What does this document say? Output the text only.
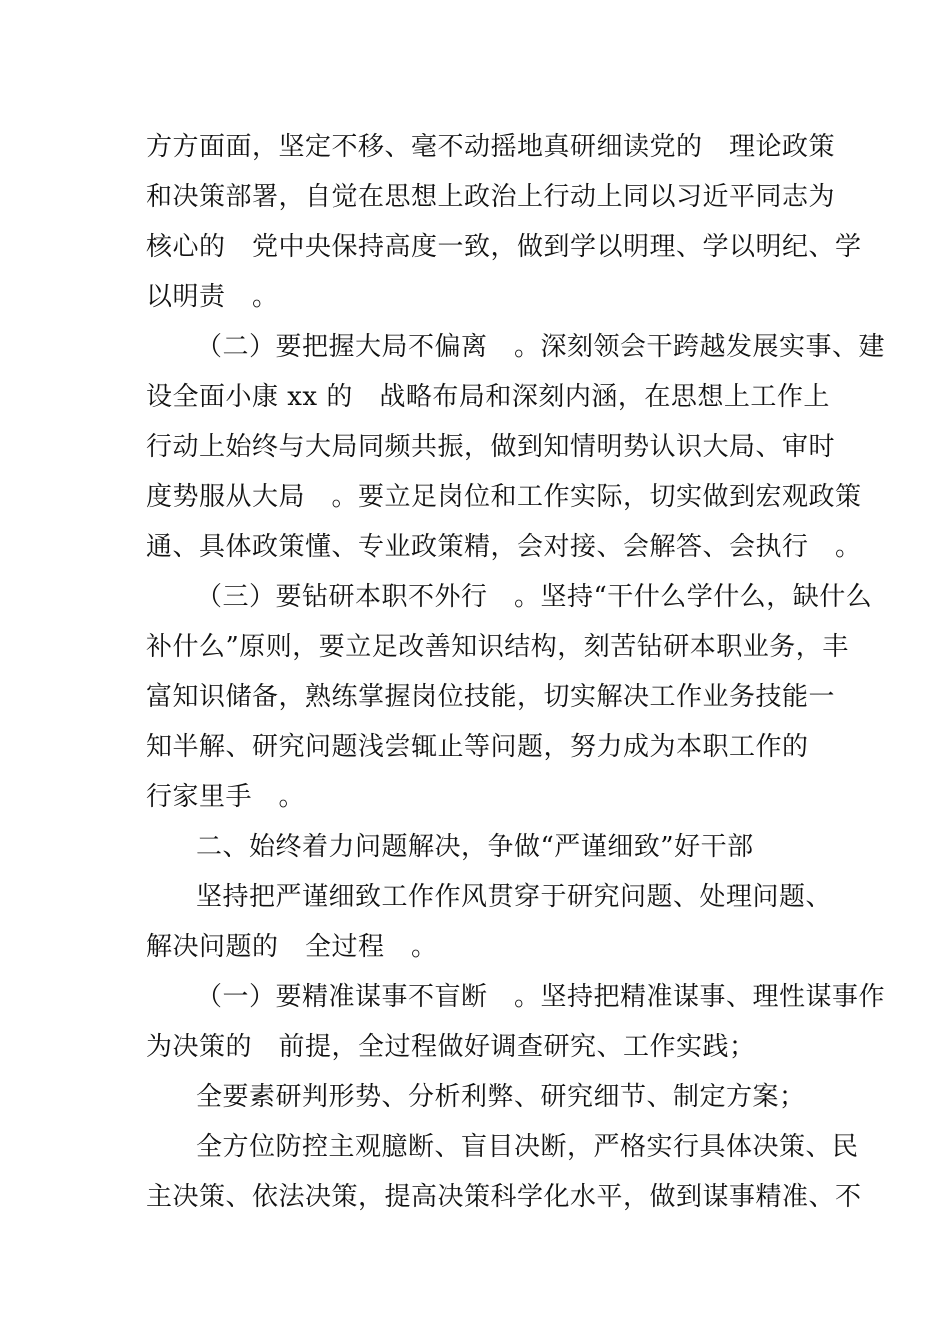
方方面面，坚定不移、毫不动摇地真研细读党的　理论政策
和决策部署，自觉在思想上政治上行动上同以习近平同志为
核心的　党中央保持高度一致，做到学以明理、学以明纪、学
以明责　。
（二）要把握大局不偏离　。深刻领会干跨越发展实事、建
设全面小康 xx 的　战略布局和深刻内涵，在思想上工作上
行动上始终与大局同频共振，做到知情明势认识大局、审时
度势服从大局　。要立足岗位和工作实际，切实做到宏观政策
通、具体政策懂、专业政策精，会对接、会解答、会执行　。
（三）要钻研本职不外行　。坚持“干什么学什么，缺什么
补什么”原则，要立足改善知识结构，刻苦钻研本职业务，丰
富知识储备，熟练掌握岗位技能，切实解决工作业务技能一
知半解、研究问题浅尝辄止等问题，努力成为本职工作的
行家里手　。
二、始终着力问题解决，争做“严谨细致”好干部
坚持把严谨细致工作作风贯穿于研究问题、处理问题、
解决问题的　全过程　。
（一）要精准谋事不盲断　。坚持把精准谋事、理性谋事作
为决策的　前提，全过程做好调查研究、工作实践；
全要素研判形势、分析利弊、研究细节、制定方案；
全方位防控主观臆断、盲目决断，严格实行具体决策、民
主决策、依法决策，提高决策科学化水平，做到谋事精准、不
